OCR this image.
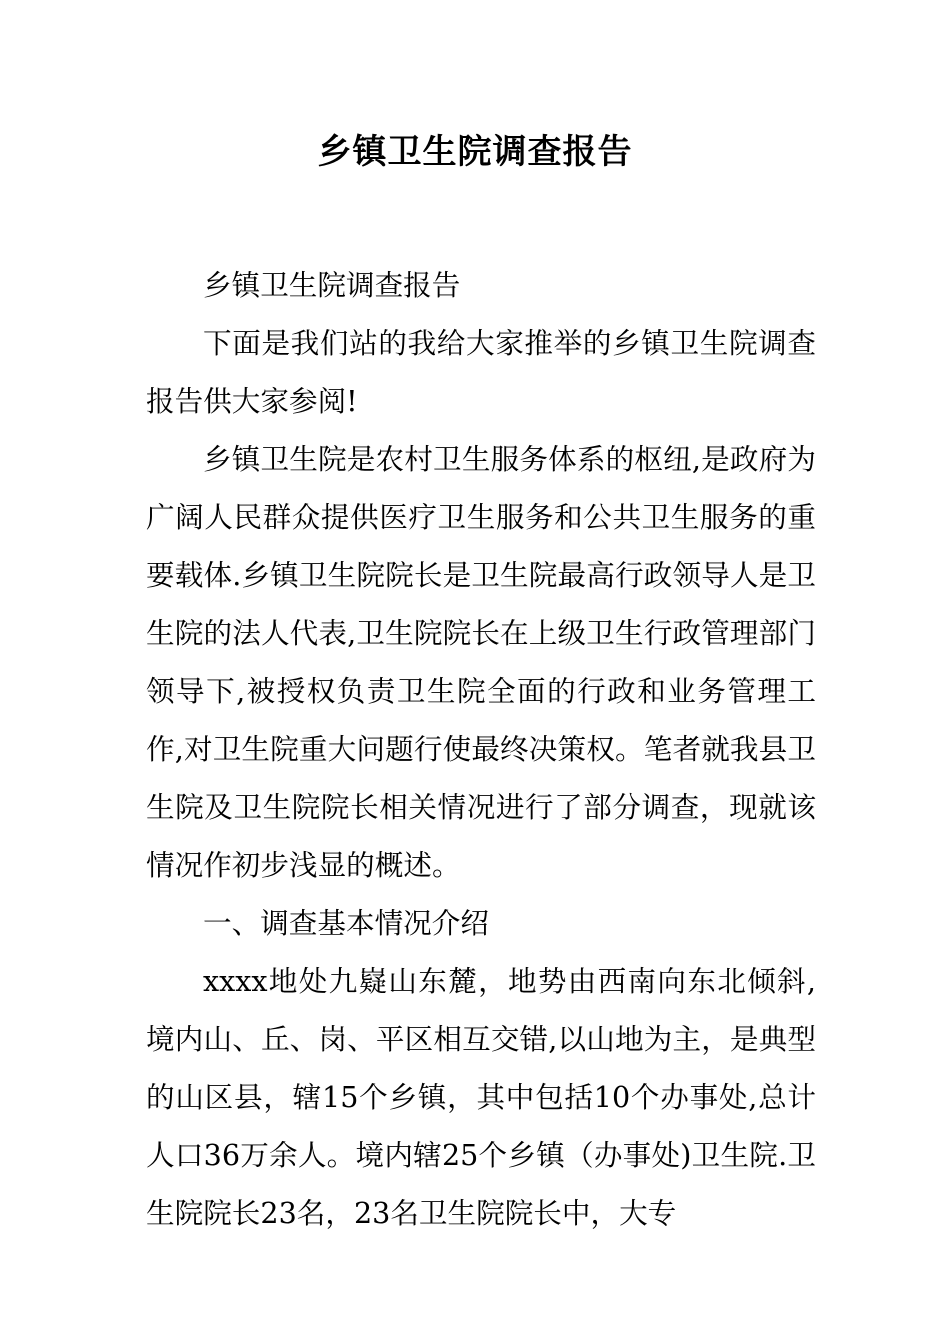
乡镇卫生院调查报告

乡镇卫生院调查报告

下面是我们站的我给大家推举的乡镇卫生院调查报告供大家参阅!

乡镇卫生院是农村卫生服务体系的枢纽,是政府为广阔人民群众提供医疗卫生服务和公共卫生服务的重要载体.乡镇卫生院院长是卫生院最高行政领导人是卫生院的法人代表,卫生院院长在上级卫生行政管理部门领导下,被授权负责卫生院全面的行政和业务管理工作,对卫生院重大问题行使最终决策权。笔者就我县卫生院及卫生院院长相关情况进行了部分调查，现就该情况作初步浅显的概述。

一、调查基本情况介绍

xxxx地处九嶷山东麓，地势由西南向东北倾斜,境内山、丘、岗、平区相互交错,以山地为主，是典型的山区县，辖15个乡镇，其中包括10个办事处,总计人口36万余人。境内辖25个乡镇（办事处)卫生院.卫生院院长23名，23名卫生院院长中，大专
